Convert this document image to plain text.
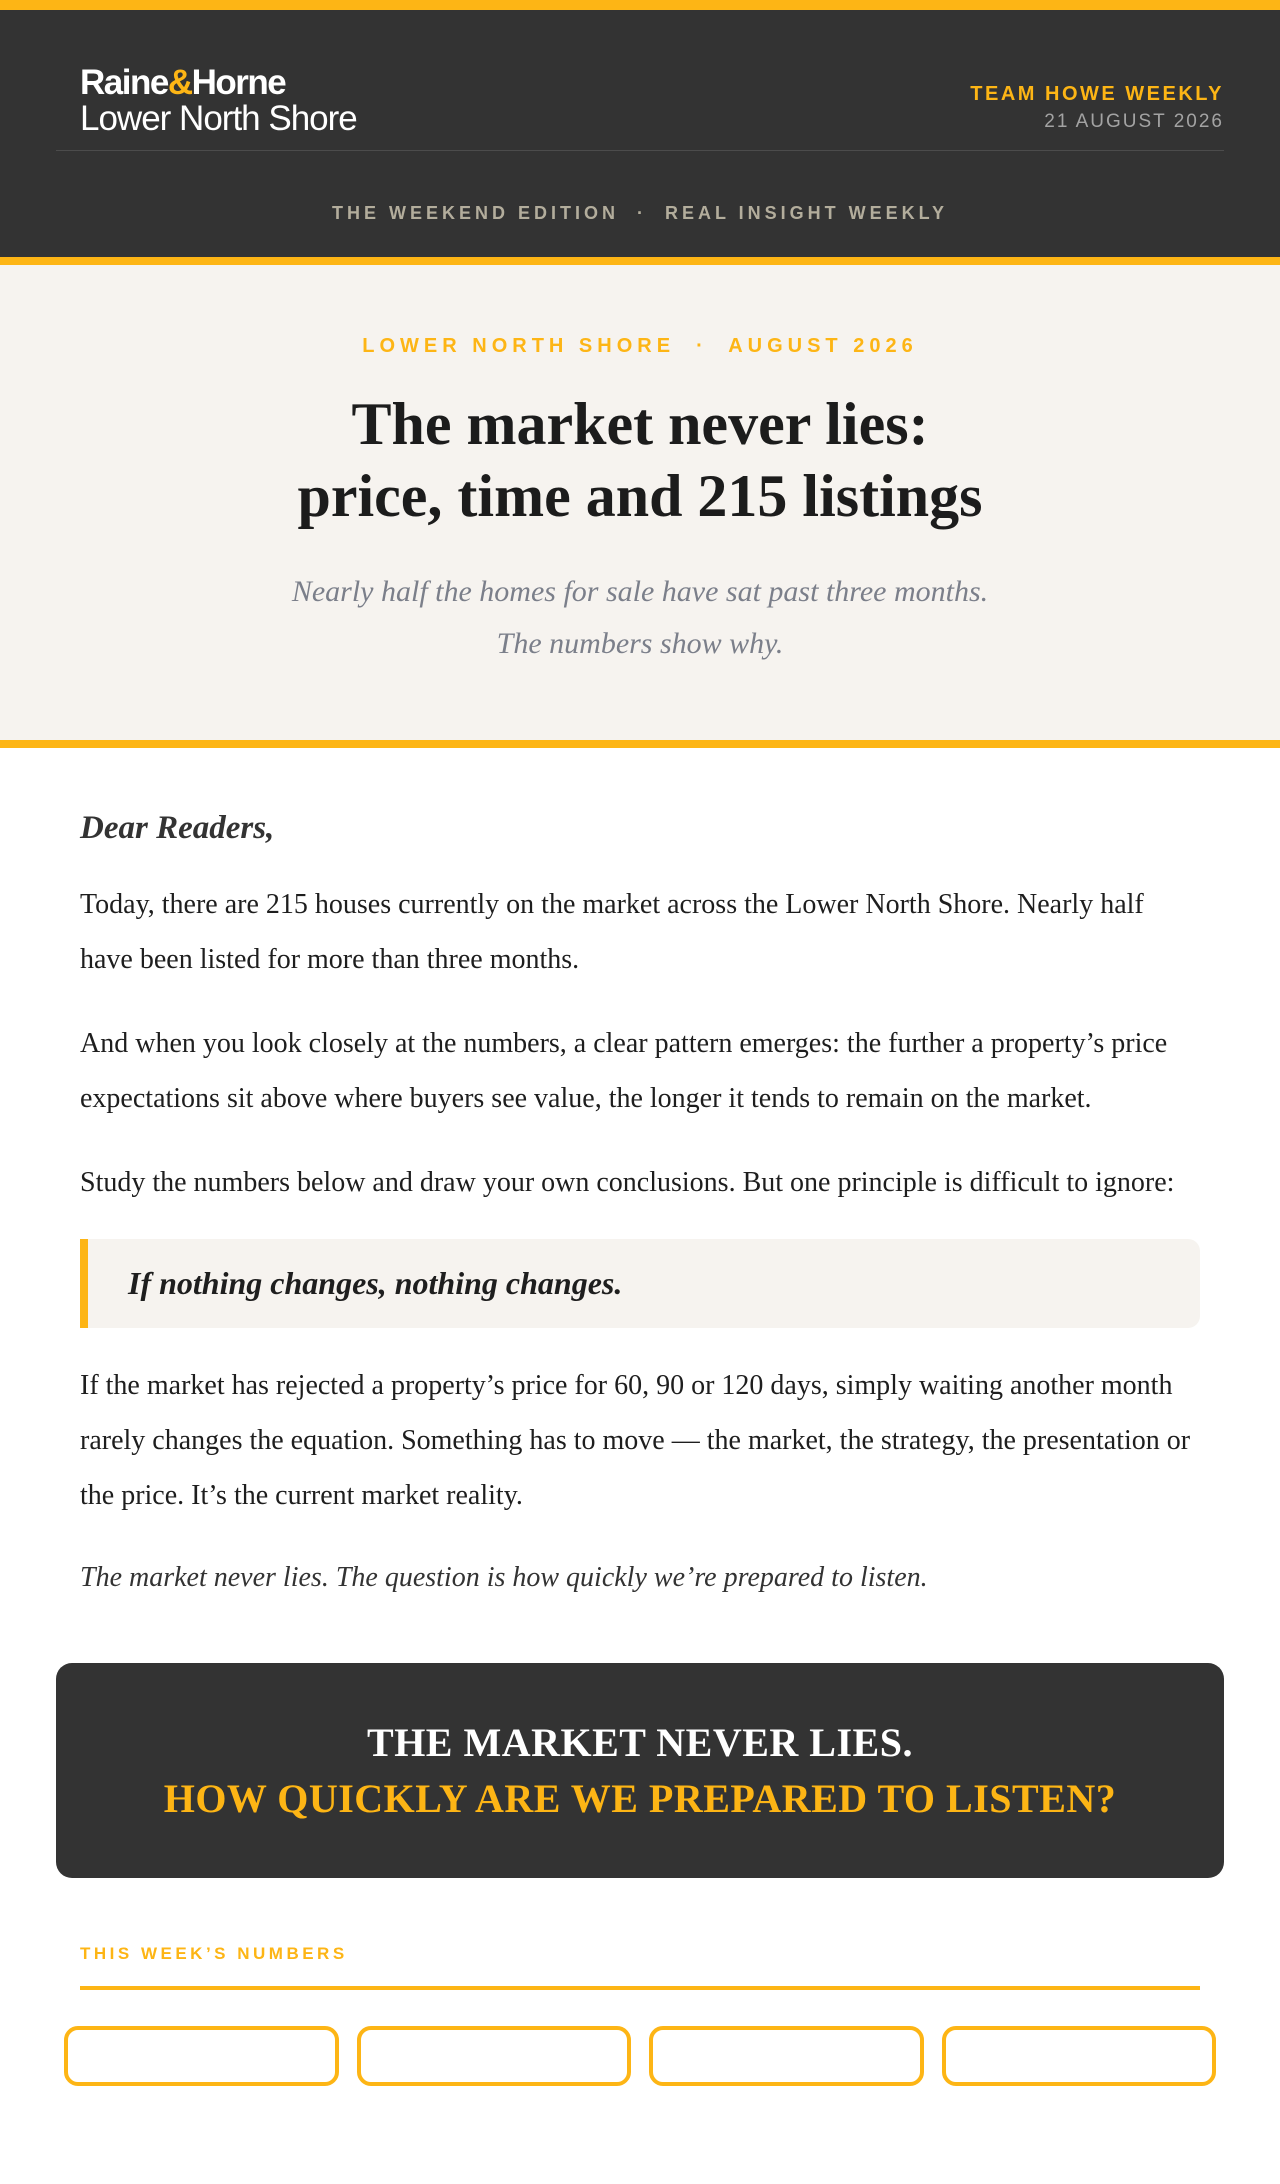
Raine&Horne
Lower North Shore
TEAM HOWE WEEKLY
21 AUGUST 2026
THE WEEKEND EDITION  ·  REAL INSIGHT WEEKLY
LOWER NORTH SHORE  ·  AUGUST 2026
The market never lies:
price, time and 215 listings
Nearly half the homes for sale have sat past three months.
The numbers show why.
Dear Readers,

Today, there are 215 houses currently on the market across the Lower North Shore. Nearly half have been listed for more than three months.

And when you look closely at the numbers, a clear pattern emerges: the further a property’s price expectations sit above where buyers see value, the longer it tends to remain on the market.

Study the numbers below and draw your own conclusions. But one principle is difficult to ignore:

If nothing changes, nothing changes.

If the market has rejected a property’s price for 60, 90 or 120 days, simply waiting another month rarely changes the equation. Something has to move — the market, the strategy, the presentation or the price. It’s the current market reality.

The market never lies. The question is how quickly we’re prepared to listen.

THE MARKET NEVER LIES.
HOW QUICKLY ARE WE PREPARED TO LISTEN?
THIS WEEK’S NUMBERS
